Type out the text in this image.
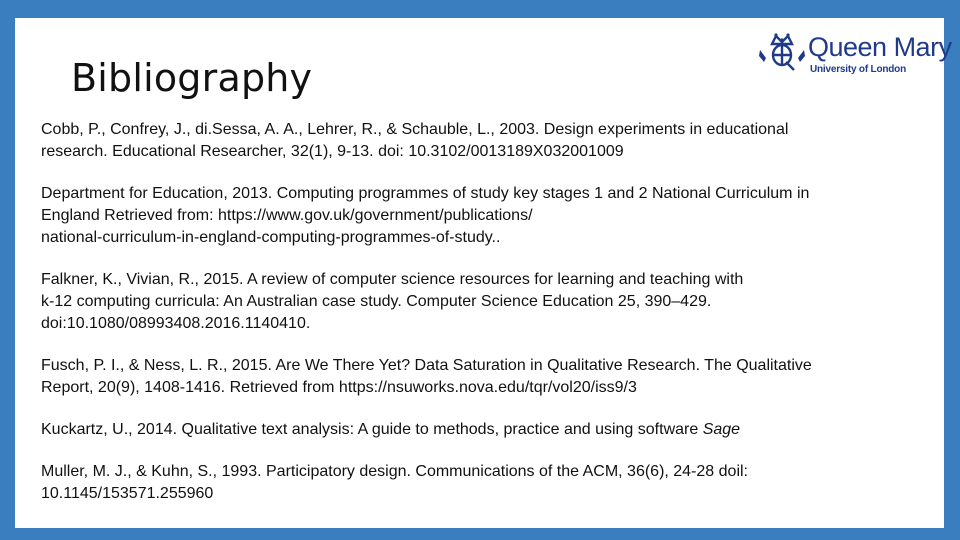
Bibliography
Queen Mary
University of London

Cobb, P., Confrey, J., di.Sessa, A. A., Lehrer, R., & Schauble, L., 2003. Design experiments in educational
research. Educational Researcher, 32(1), 9-13. doi: 10.3102/0013189X032001009

Department for Education, 2013. Computing programmes of study key stages 1 and 2 National Curriculum in
England Retrieved from: https://www.gov.uk/government/publications/
national-curriculum-in-england-computing-programmes-of-study..

Falkner, K., Vivian, R., 2015. A review of computer science resources for learning and teaching with
k-12 computing curricula: An Australian case study. Computer Science Education 25, 390–429.
doi:10.1080/08993408.2016.1140410.

Fusch, P. I., & Ness, L. R., 2015. Are We There Yet? Data Saturation in Qualitative Research. The Qualitative
Report, 20(9), 1408-1416. Retrieved from https://nsuworks.nova.edu/tqr/vol20/iss9/3

Kuckartz, U., 2014. Qualitative text analysis: A guide to methods, practice and using software Sage

Muller, M. J., & Kuhn, S., 1993. Participatory design. Communications of the ACM, 36(6), 24-28 doil:
10.1145/153571.255960
